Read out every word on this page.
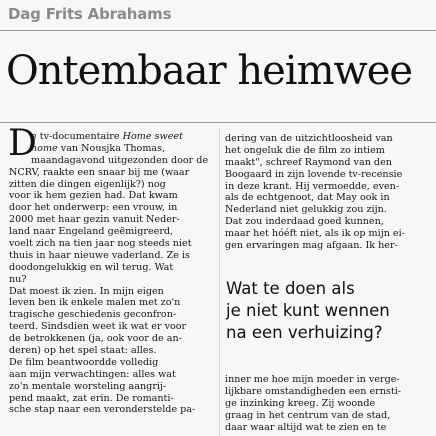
Dag Frits Abrahams
Ontembaar heimwee
D
e tv-documentaire Home sweet
home van Nousjka Thomas,
maandagavond uitgezonden door de
NCRV, raakte een snaar bij me (waar
zitten die dingen eigenlijk?) nog
voor ik hem gezien had. Dat kwam
door het onderwerp: een vrouw, in
2000 met haar gezin vanuit Neder-
land naar Engeland geëmigreerd,
voelt zich na tien jaar nog steeds niet
thuis in haar nieuwe vaderland. Ze is
doodongelukkig en wil terug. Wat
nu?
Dat moest ik zien. In mijn eigen
leven ben ik enkele malen met zo'n
tragische geschiedenis geconfron-
teerd. Sindsdien weet ik wat er voor
de betrokkenen (ja, ook voor de an-
deren) op het spel staat: alles.
De film beantwoordde volledig
aan mijn verwachtingen: alles wat
zo'n mentale worsteling aangrij-
pend maakt, zat erin. De romanti-
sche stap naar een veronderstelde pa-
dering van de uitzichtloosheid van
het ongeluk die de film zo intiem
maakt", schreef Raymond van den
Boogaard in zijn lovende tv-recensie
in deze krant. Hij vermoedde, even-
als de echtgenoot, dat May ook in
Nederland niet gelukkig zou zijn.
Dat zou inderdaad goed kunnen,
maar het hóéft niet, als ik op mijn ei-
gen ervaringen mag afgaan. Ik her-
Wat te doen als
je niet kunt wennen
na een verhuizing?
inner me hoe mijn moeder in verge-
lijkbare omstandigheden een ernsti-
ge inzinking kreeg. Zij woonde
graag in het centrum van de stad,
daar waar altijd wat te zien en te
